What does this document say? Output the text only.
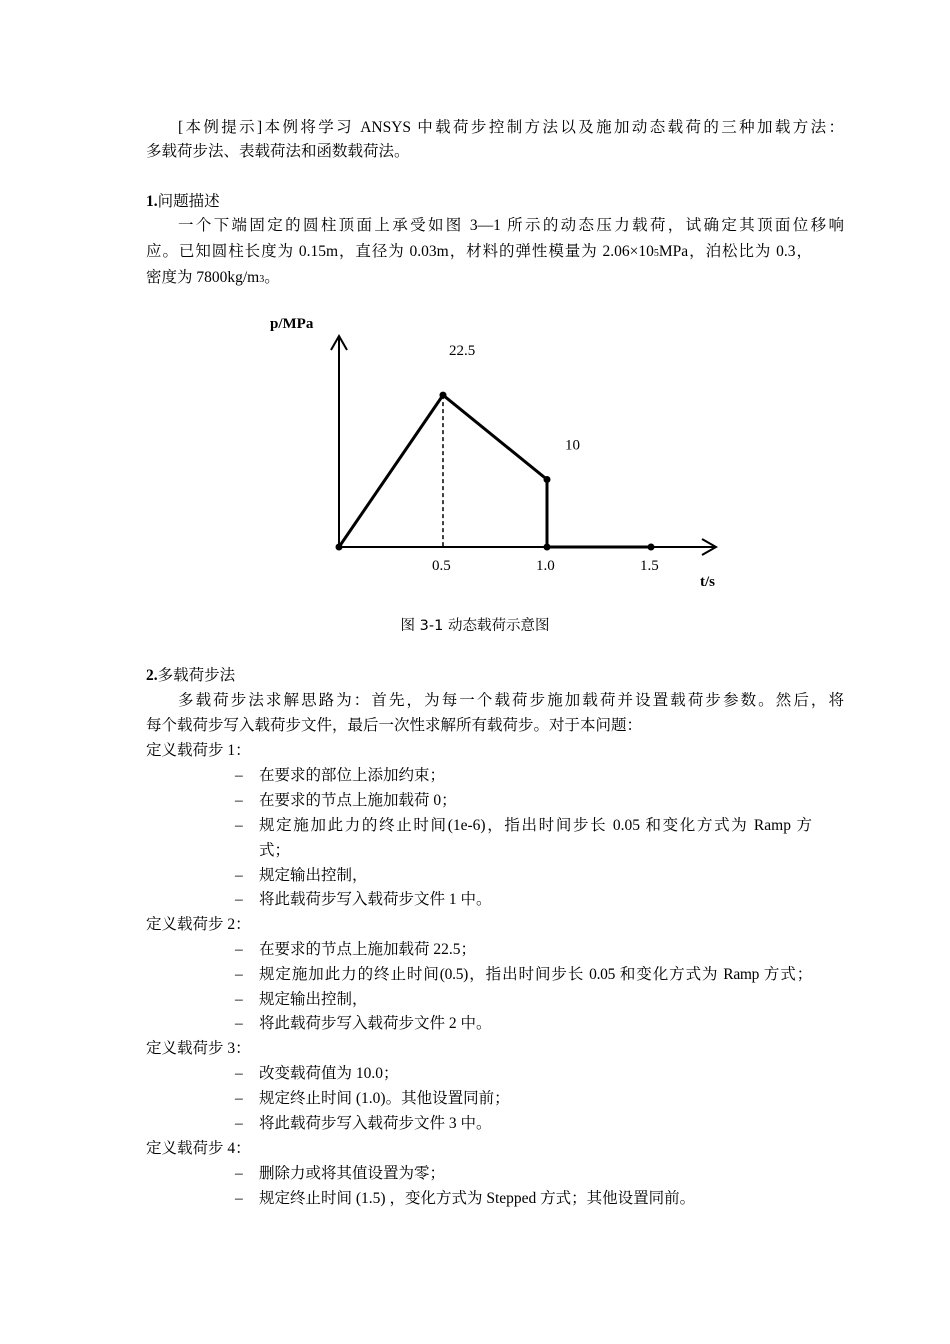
[本例提示]本例将学习 ANSYS 中载荷步控制方法以及施加动态载荷的三种加载方法：
多载荷步法、表载荷法和函数载荷法。
1.问题描述
一个下端固定的圆柱顶面上承受如图 3—1 所示的动态压力载荷，试确定其顶面位移响
应。已知圆柱长度为 0.15m，直径为 0.03m，材料的弹性模量为 $2.06\times 10^5MPa$，泊松比为 0.3，
密度为 $7800kg/m^3$。
p/MPa
t/s
0.5	1.0	1.5
22.5
10
图 3-1 动态载荷示意图
2.多载荷步法
多载荷步法求解思路为：首先，为每一个载荷步施加载荷并设置载荷步参数。然后，将
每个载荷步写入载荷步文件，最后一次性求解所有载荷步。对于本问题：
定义载荷步 1：
– 在要求的部位上添加约束；
– 在要求的节点上施加载荷 0；
– 规定施加此力的终止时间(1e-6)，指出时间步长 0.05 和变化方式为 Ramp 方
式；
– 规定输出控制，
– 将此载荷步写入载荷步文件 1 中。
定义载荷步 2：
– 在要求的节点上施加载荷 22.5；
– 规定施加此力的终止时间(0.5)，指出时间步长 0.05 和变化方式为 Ramp 方式；
– 规定输出控制，
– 将此载荷步写入载荷步文件 2 中。
定义载荷步 3：
– 改变载荷值为 10.0；
– 规定终止时间 (1.0)。其他设置同前；
– 将此载荷步写入载荷步文件 3 中。
定义载荷步 4：
– 删除力或将其值设置为零；
– 规定终止时间 (1.5) ，变化方式为 Stepped 方式；其他设置同前。
